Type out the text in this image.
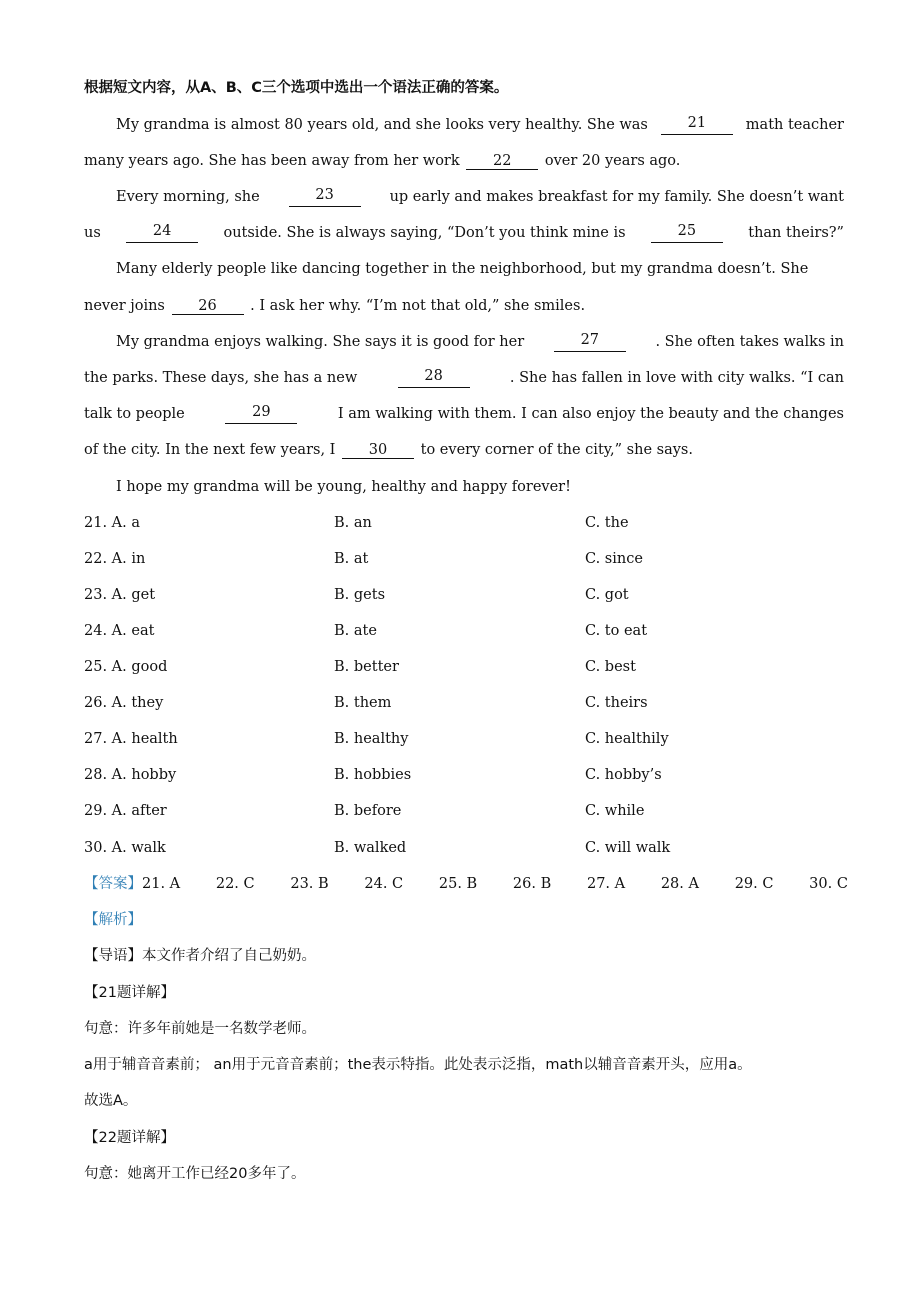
根据短文内容，从A、B、C三个选项中选出一个语法正确的答案。
My grandma is almost 80 years old, and she looks very healthy. She was	21	math teacher
many years ago. She has been away from her work 22 over 20 years ago.
Every morning, she	23	up early and makes breakfast for my family. She doesn’t want
us	24	outside. She is always saying, “Don’t you think mine is	25	than theirs?”
Many elderly people like dancing together in the neighborhood, but my grandma doesn’t. She
never joins 26 . I ask her why. “I’m not that old,” she smiles.
My grandma enjoys walking. She says it is good for her	27	. She often takes walks in
the parks. These days, she has a new	28	. She has fallen in love with city walks. “I can
talk to people	29	I am walking with them. I can also enjoy the beauty and the changes
of the city. In the next few years, I 30 to every corner of the city,” she says.
I hope my grandma will be young, healthy and happy forever!
21. A. a	B. an	C. the
22. A. in	B. at	C. since
23. A. get	B. gets	C. got
24. A. eat	B. ate	C. to eat
25. A. good	B. better	C. best
26. A. they	B. them	C. theirs
27. A. health	B. healthy	C. healthily
28. A. hobby	B. hobbies	C. hobby’s
29. A. after	B. before	C. while
30. A. walk	B. walked	C. will walk
【答案】21. A 22. C 23. B 24. C 25. B 26. B 27. A 28. A 29. C 30. C
【解析】
【导语】本文作者介绍了自己奶奶。
【21题详解】
句意：许多年前她是一名数学老师。
a用于辅音音素前； an用于元音音素前；the表示特指。此处表示泛指，math以辅音音素开头，应用a。
故选A。
【22题详解】
句意：她离开工作已经20多年了。
